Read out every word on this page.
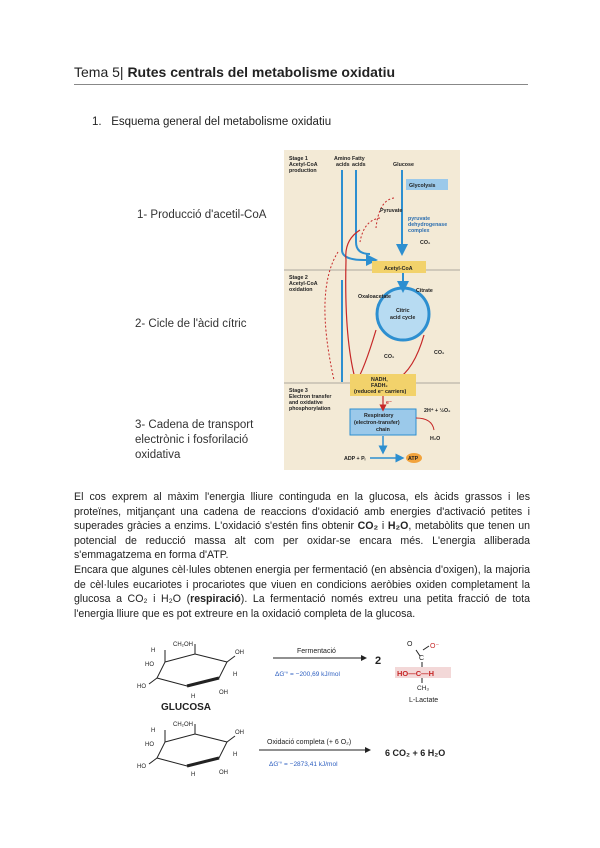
Tema 5| Rutes centrals del metabolisme oxidatiu
1. Esquema general del metabolisme oxidatiu
1- Producció d'acetil-CoA
2- Cicle de l'àcid cítric
3- Cadena de transport
electrònic i fosforilació
oxidativa
Stage 1
Acetyl-CoA
production
Stage 2
Acetyl-CoA
oxidation
Stage 3
Electron transfer
and oxidative
phosphorylation
Amino
acids
Fatty
acids	Glucose
Glycolysis
Pyruvate
pyruvate
dehydrogenase
complex
CO₂
Acetyl-CoA
Oxaloacetate
Citrate
Citric
acid cycle
CO₂
CO₂
NADH,
FADH₂
(reduced e⁻ carriers)
e⁻
Respiratory
(electron-transfer)
chain
2H⁺ + ½O₂
H₂O
ADP + Pᵢ	ATP
El cos exprem al màxim l'energia lliure continguda en la glucosa, els àcids grassos i les proteïnes, mitjançant una cadena de reaccions d'oxidació amb energies d'activació petites i superades gràcies a enzims. L'oxidació s'estén fins obtenir CO₂ i H₂O, metabòlits que tenen un potencial de reducció massa alt com per oxidar-se encara més. L'energia alliberada s'emmagatzema en forma d'ATP.
Encara que algunes cèl·lules obtenen energia per fermentació (en absència d'oxigen), la majoria de cèl·lules eucariotes i procariotes que viuen en condicions aeròbies oxiden completament la glucosa a CO₂ i H₂O (respiració). La fermentació només extreu una petita fracció de tota l'energia lliure que es pot extreure en la oxidació completa de la glucosa.
CH₂OH
H
HO
OH
HO
H
OH
H
GLUCOSA
Fermentació
ΔG'° = −200,69 kJ/mol
2
O⁻
O
C
HO—C—H
CH₃
L-Lactate
CH₂OH
H
HO
OH
HO
H	OH
H
Oxidació completa (+ 6 O₂)
ΔG'° = −2873,41 kJ/mol
6 CO₂ + 6 H₂O
